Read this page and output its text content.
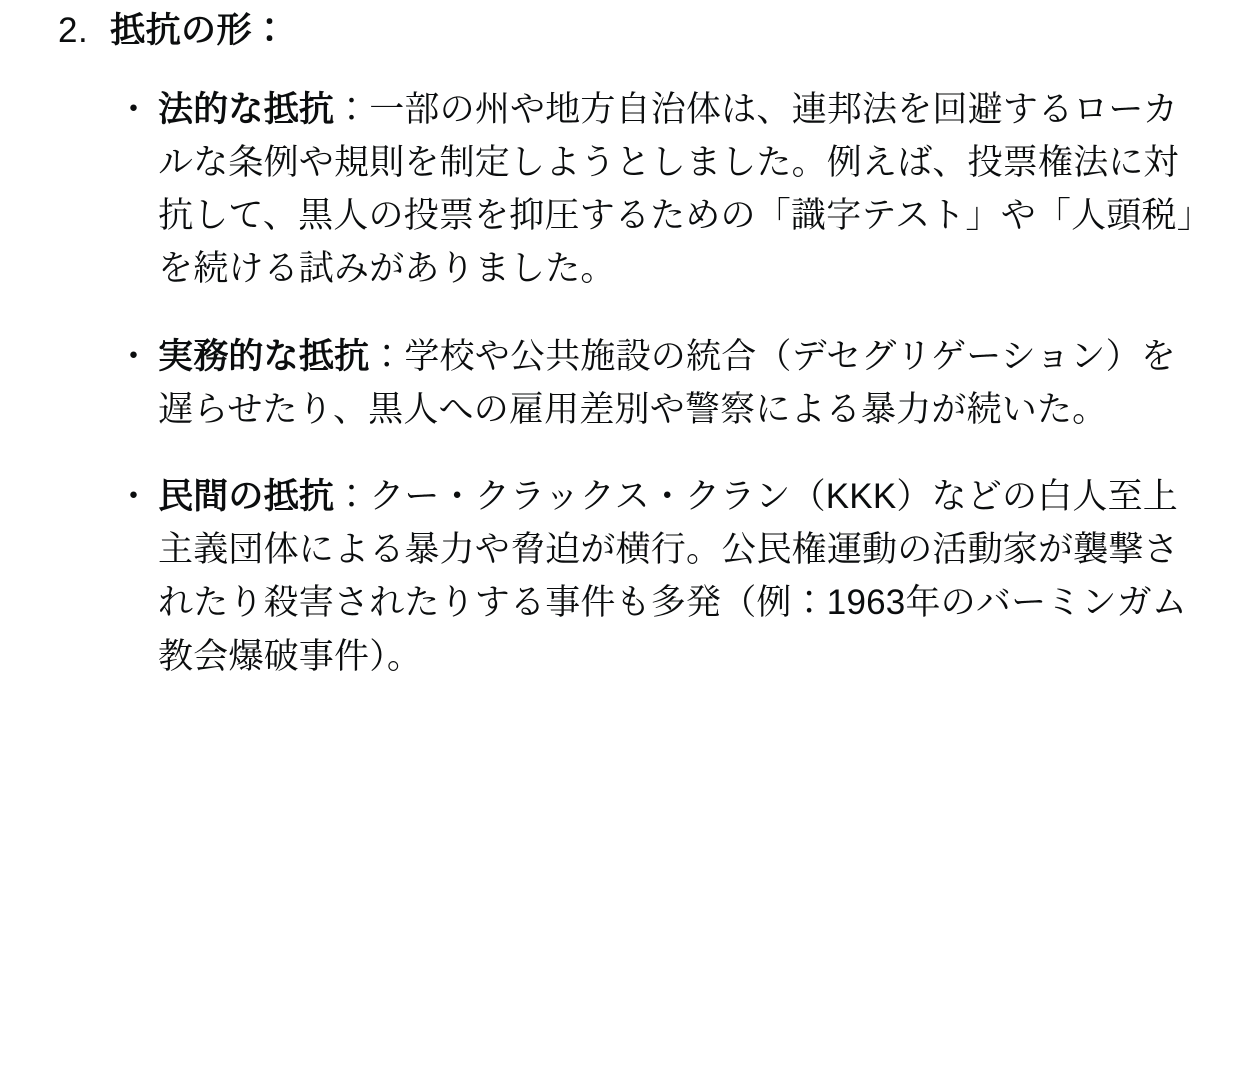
2. 抵抗の形：
・ 法的な抵抗：一部の州や地方自治体は、連邦法を回避するローカルな条例や規則を制定しようとしました。例えば、投票権法に対抗して、黒人の投票を抑圧するための「識字テスト」や「人頭税」を続ける試みがありました。
・ 実務的な抵抗：学校や公共施設の統合（デセグリゲーション）を遅らせたり、黒人への雇用差別や警察による暴力が続いた。
・ 民間の抵抗：クー・クラックス・クラン（KKK）などの白人至上主義団体による暴力や脅迫が横行。公民権運動の活動家が襲撃されたり殺害されたりする事件も多発（例：1963年のバーミンガム教会爆破事件）。
